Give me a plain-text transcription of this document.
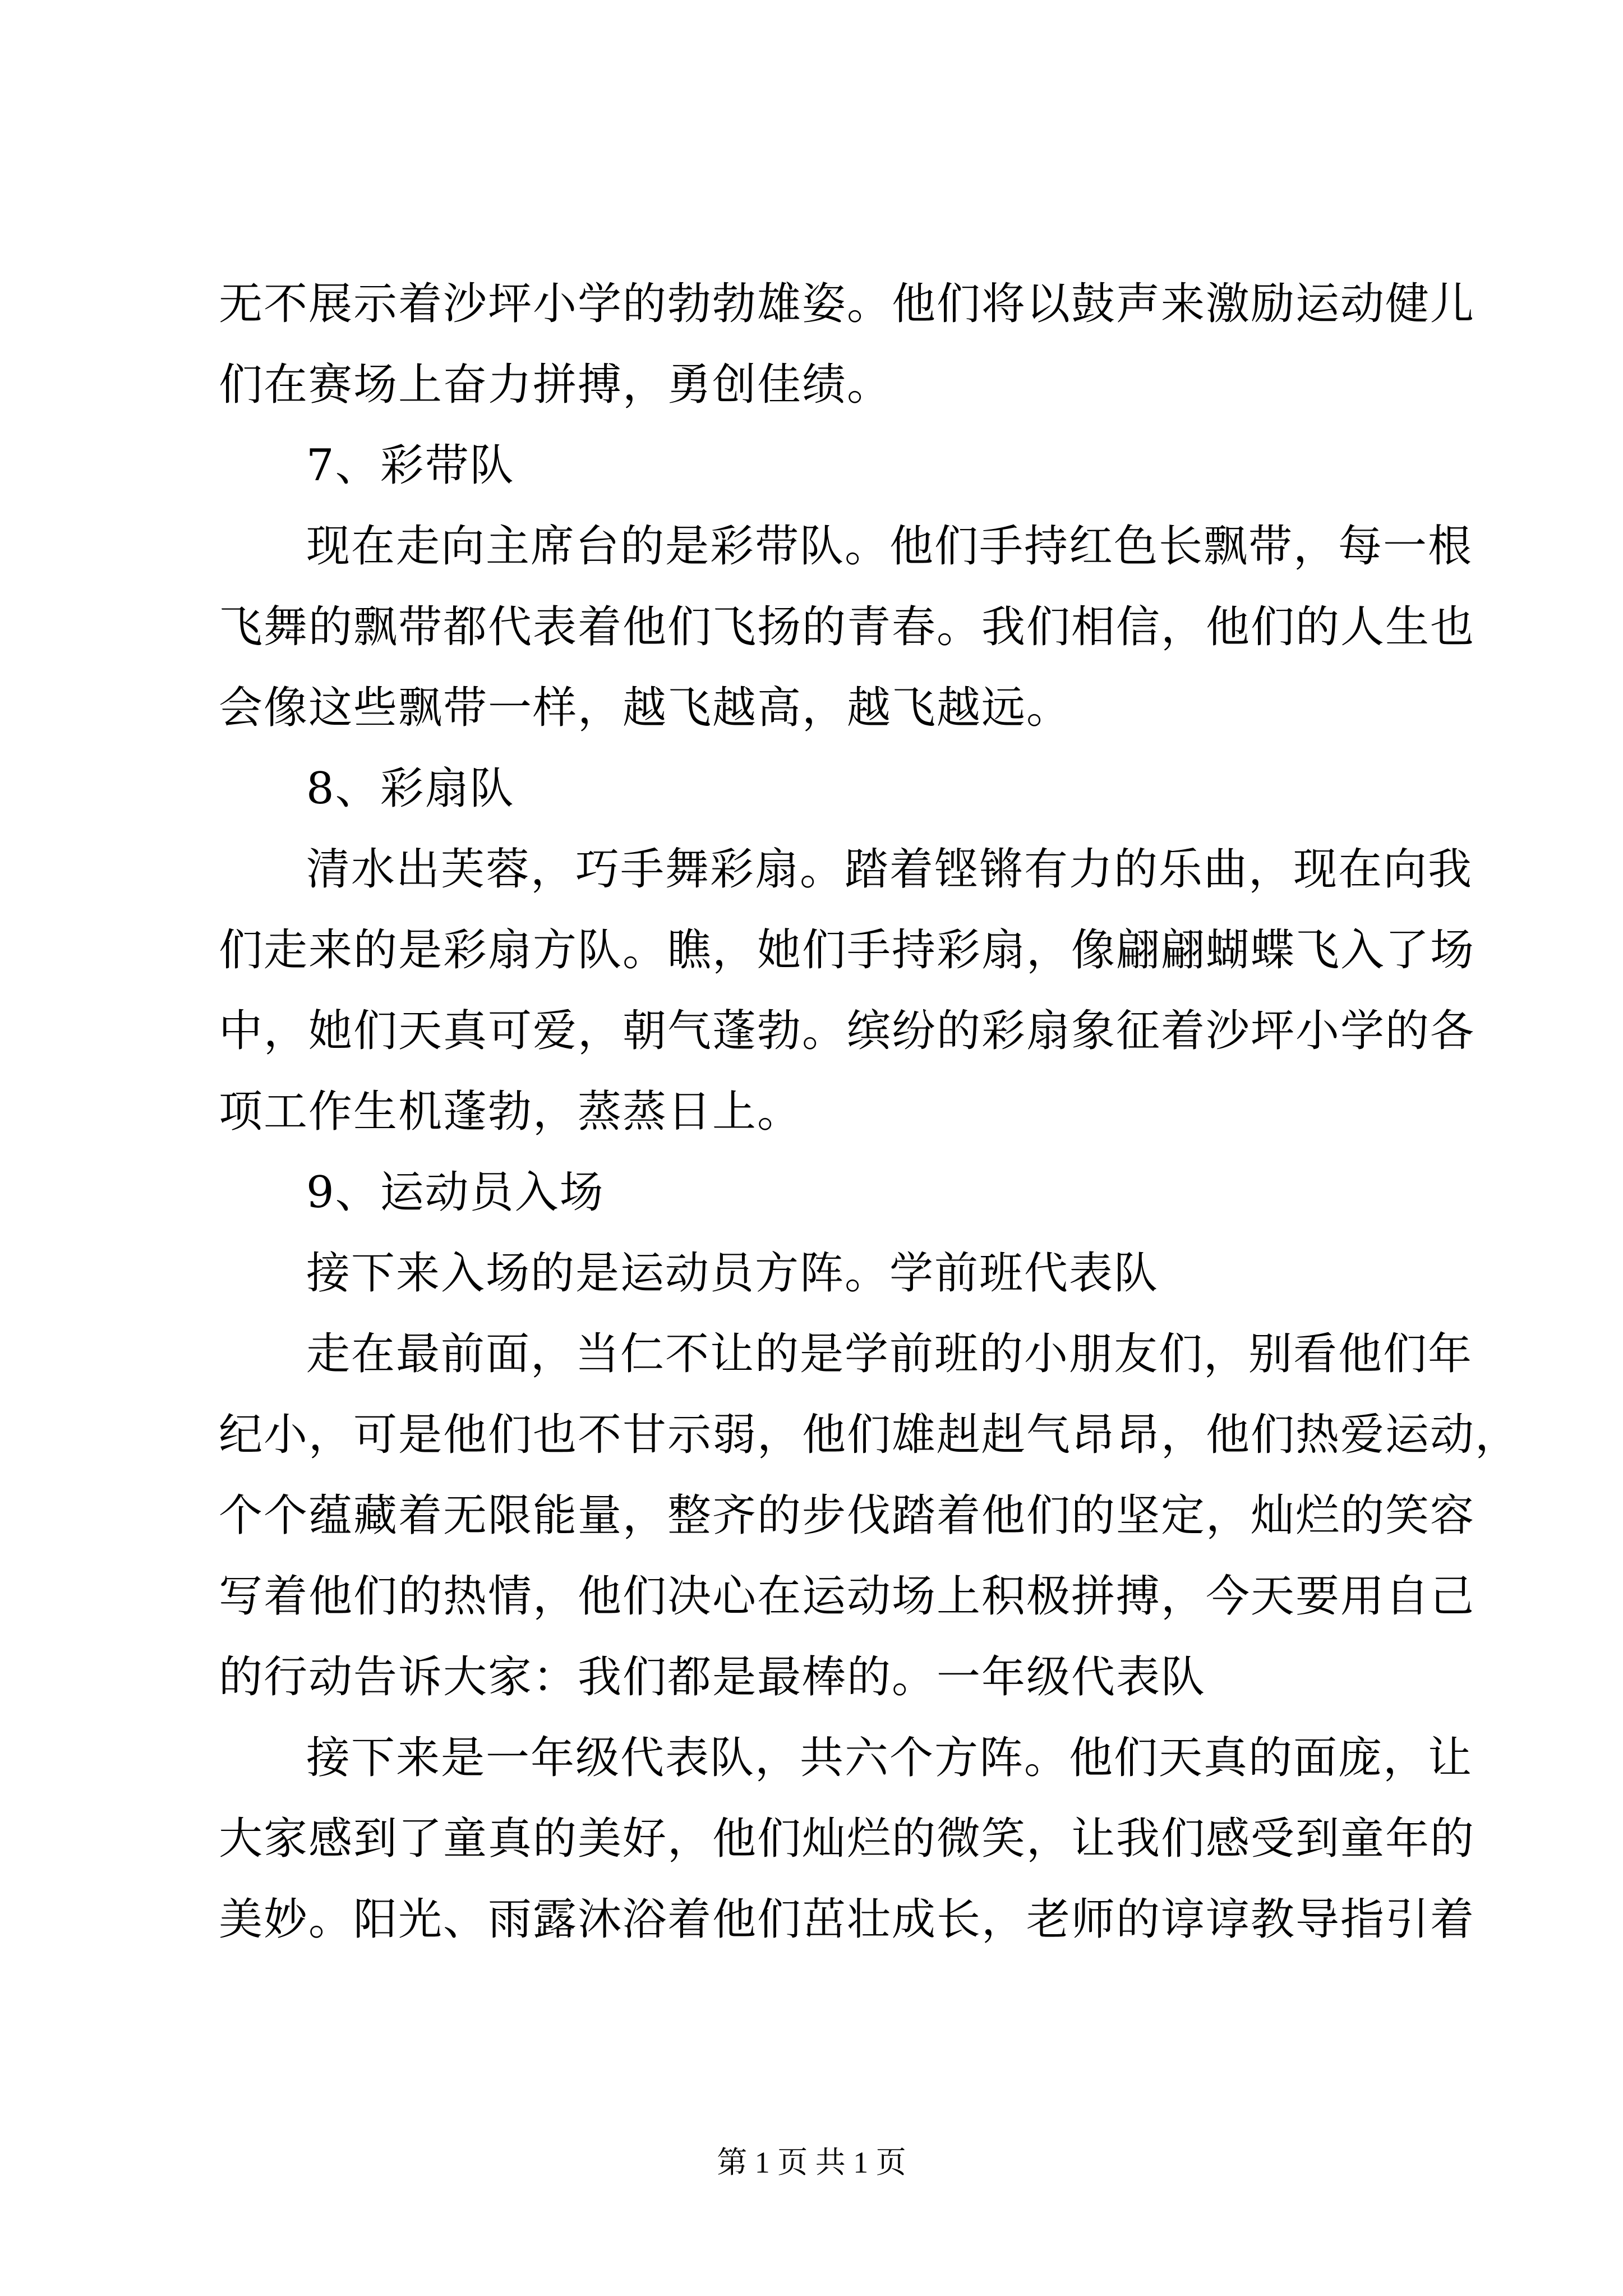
无不展示着沙坪小学的勃勃雄姿。他们将以鼓声来激励运动健儿
们在赛场上奋力拼搏，勇创佳绩。
7、彩带队
现在走向主席台的是彩带队。他们手持红色长飘带，每一根
飞舞的飘带都代表着他们飞扬的青春。我们相信，他们的人生也
会像这些飘带一样，越飞越高，越飞越远。
8、彩扇队
清水出芙蓉，巧手舞彩扇。踏着铿锵有力的乐曲，现在向我
们走来的是彩扇方队。瞧，她们手持彩扇，像翩翩蝴蝶飞入了场
中，她们天真可爱，朝气蓬勃。缤纷的彩扇象征着沙坪小学的各
项工作生机蓬勃，蒸蒸日上。
9、运动员入场
接下来入场的是运动员方阵。学前班代表队
走在最前面，当仁不让的是学前班的小朋友们，别看他们年
纪小，可是他们也不甘示弱，他们雄赳赳气昂昂，他们热爱运动，
个个蕴藏着无限能量，整齐的步伐踏着他们的坚定，灿烂的笑容
写着他们的热情，他们决心在运动场上积极拼搏，今天要用自己
的行动告诉大家：我们都是最棒的。一年级代表队
接下来是一年级代表队，共六个方阵。他们天真的面庞，让
大家感到了童真的美好，他们灿烂的微笑，让我们感受到童年的
美妙。阳光、雨露沐浴着他们茁壮成长，老师的谆谆教导指引着
第 1 页 共 1 页
